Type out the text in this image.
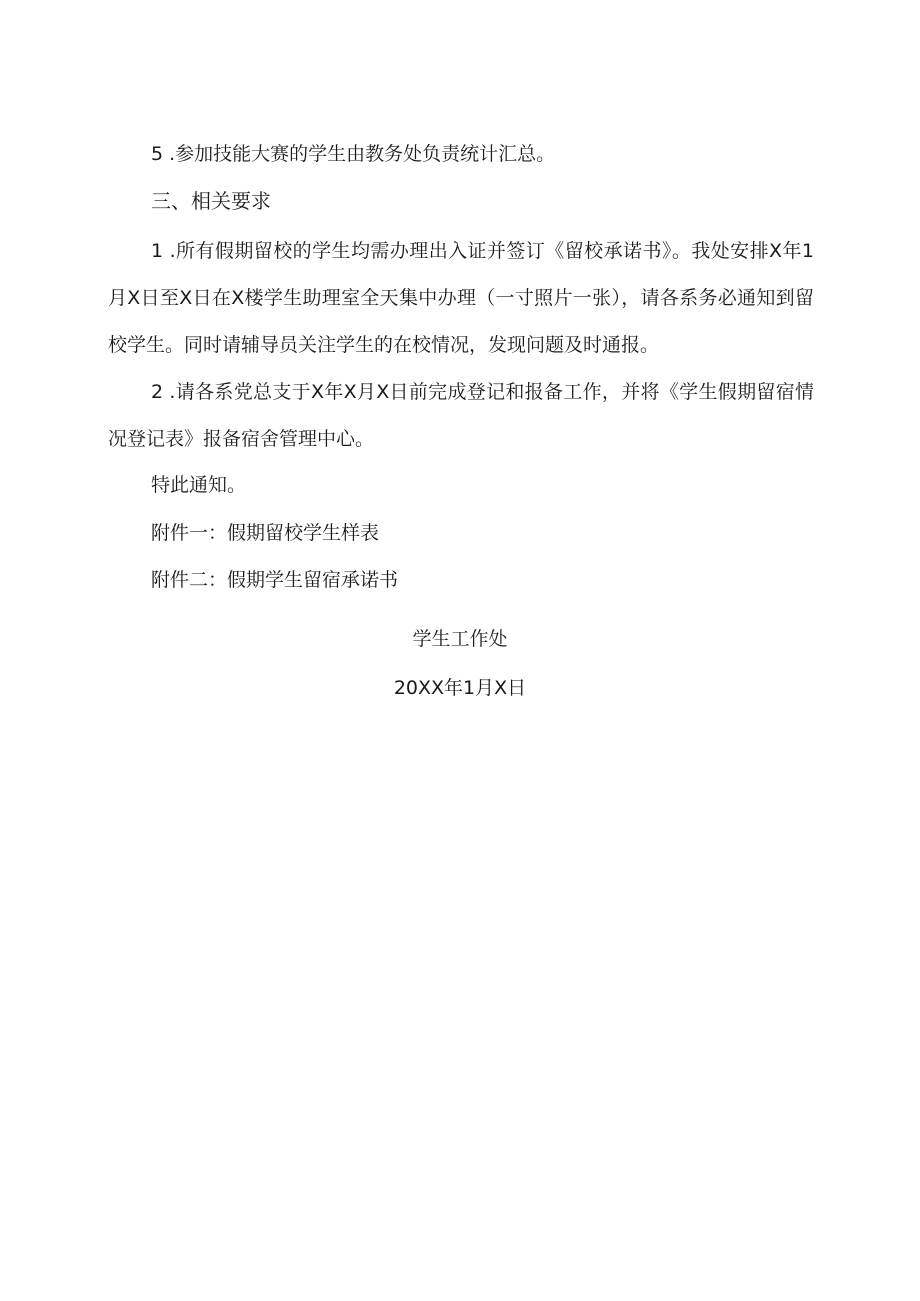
5 .参加技能大赛的学生由教务处负责统计汇总。

三、相关要求

1 .所有假期留校的学生均需办理出入证并签订《留校承诺书》。我处安排X年1月X日至X日在X楼学生助理室全天集中办理（一寸照片一张），请各系务必通知到留校学生。同时请辅导员关注学生的在校情况，发现问题及时通报。

2 .请各系党总支于X年X月X日前完成登记和报备工作，并将《学生假期留宿情况登记表》报备宿舍管理中心。

特此通知。

附件一：假期留校学生样表

附件二：假期学生留宿承诺书

学生工作处

20XX年1月X日
